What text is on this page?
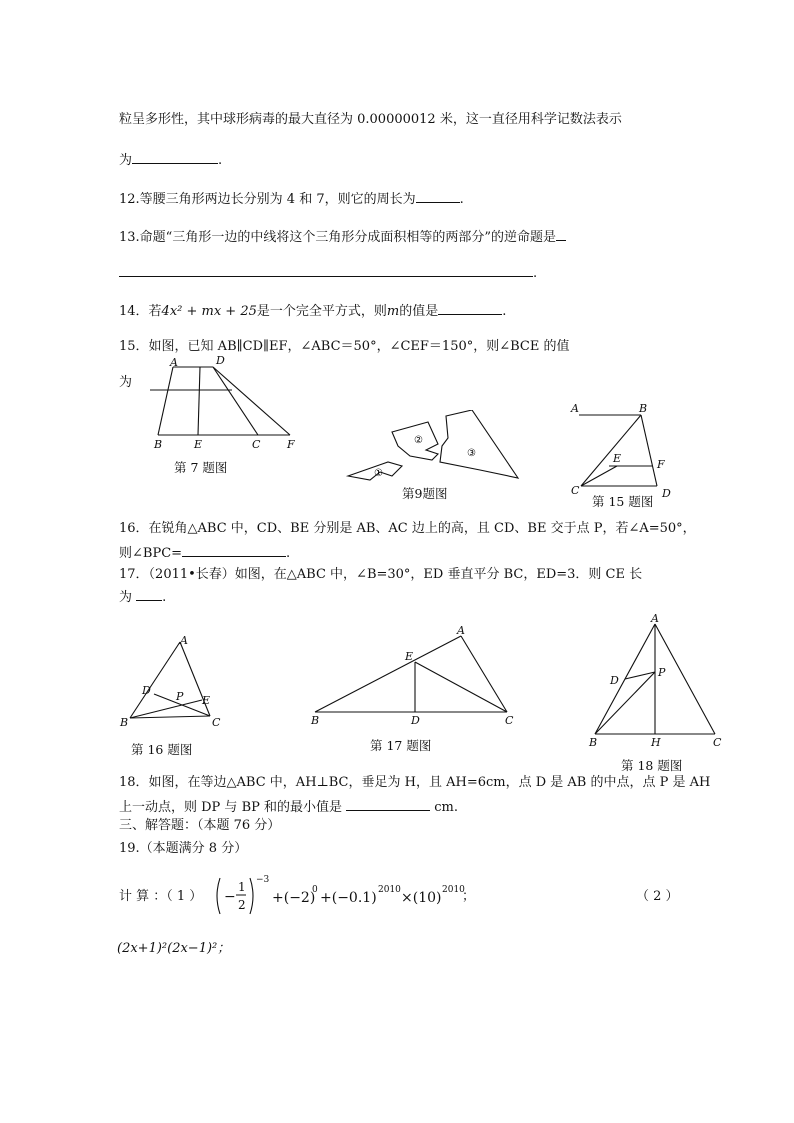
粒呈多形性，其中球形病毒的最大直径为 0.00000012 米，这一直径用科学记数法表示
为	.
12.等腰三角形两边长分别为 4 和 7，则它的周长为	.
13.命题“三角形一边的中线将这个三角形分成面积相等的两部分”的逆命题是
.
14．若4x² + mx + 25是一个完全平方式，则m的值是	.
15．如图，已知 AB∥CD∥EF，∠ABC＝50°，∠CEF＝150°，则∠BCE 的值
为
A	D
B	E	C F
第 7 题图	①
②
③
第9题图
A	B
E	F
C	D
第 15 题图
16．在锐角△ABC 中，CD、BE 分别是 AB、AC 边上的高，且 CD、BE 交于点 P，若∠A=50°，
则∠BPC=	.
17．（2011•长春）如图，在△ABC 中，∠B=30°，ED 垂直平分 BC，ED=3．则 CE 长
为 .
A
D P E
B	C
第 16 题图
A
E
B	D	C
第 17 题图
A
P
D
B	H	C
第 18 题图
18．如图，在等边△ABC 中，AH⊥BC，垂足为 H，且 AH=6cm，点 D 是 AB 的中点，点 P 是 AH
上一动点，则 DP 与 BP 和的最小值是	cm.
三、解答题：（本题 76 分）
19.（本题满分 8 分）
计 算 ：（ 1 ） −
1
2
−3
+(−2)
0 +(−0.1) 2010 ×(10) 2010
；	（ 2 ）
(2x+1)²(2x−1)²；
